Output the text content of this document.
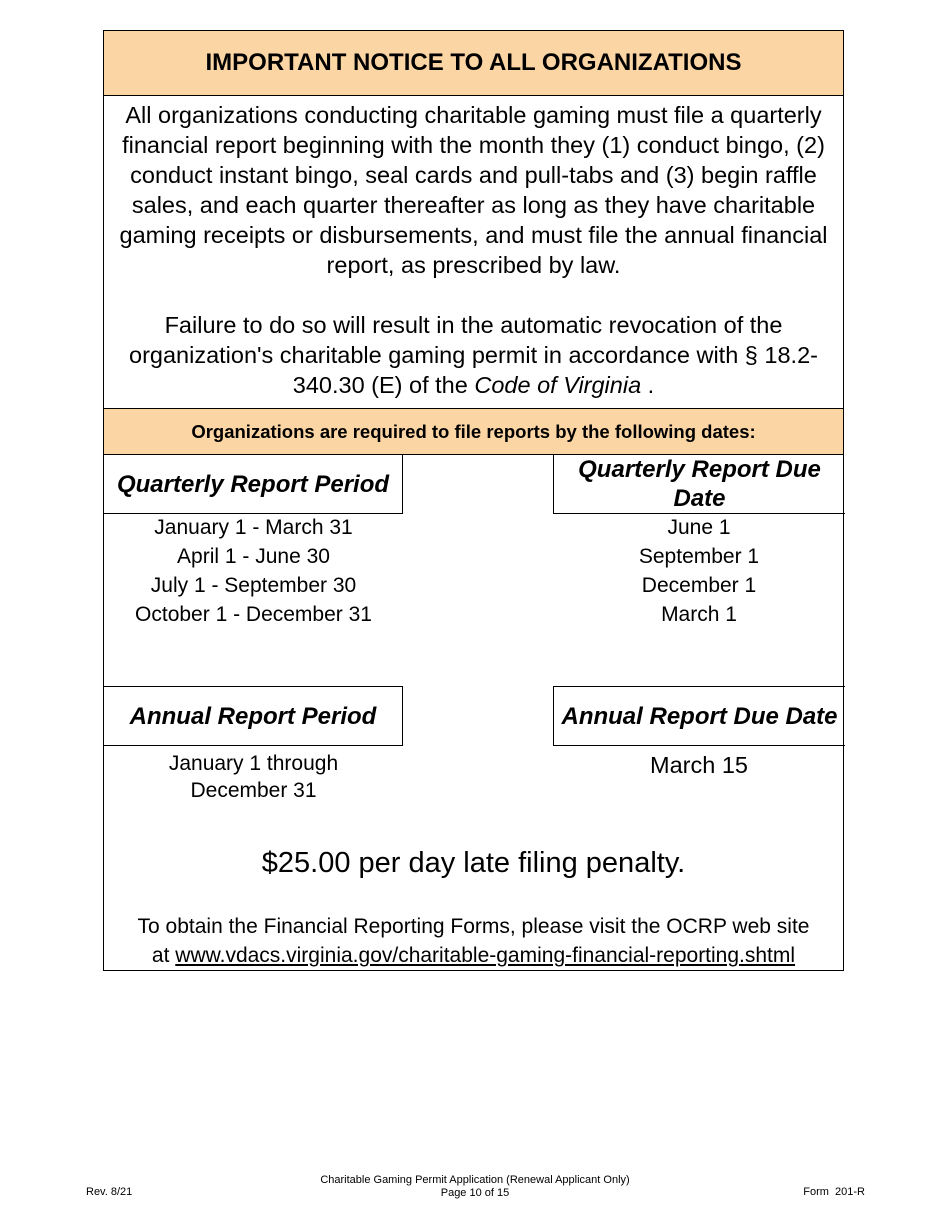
IMPORTANT NOTICE TO ALL ORGANIZATIONS
All organizations conducting charitable gaming must file a quarterly financial report beginning with the month they (1) conduct bingo, (2) conduct instant bingo, seal cards and pull-tabs and (3) begin raffle sales, and each quarter thereafter as long as they have charitable gaming receipts or disbursements, and must file the annual financial report, as prescribed by law.
Failure to do so will result in the automatic revocation of the organization's charitable gaming permit in accordance with § 18.2-340.30 (E) of the Code of Virginia .
Organizations are required to file reports by the following dates:
Quarterly Report Period
Quarterly Report Due Date
January 1 - March 31
April 1 - June 30
July 1 - September 30
October 1 - December 31
June 1
September 1
December 1
March 1
Annual Report Period	Annual Report Due Date
January 1 through
December 31
March 15
$25.00 per day late filing penalty.
To obtain the Financial Reporting Forms, please visit the OCRP web site
at www.vdacs.virginia.gov/charitable-gaming-financial-reporting.shtml
Rev. 8/21
Charitable Gaming Permit Application (Renewal Applicant Only)
Page 10 of 15	Form  201-R
